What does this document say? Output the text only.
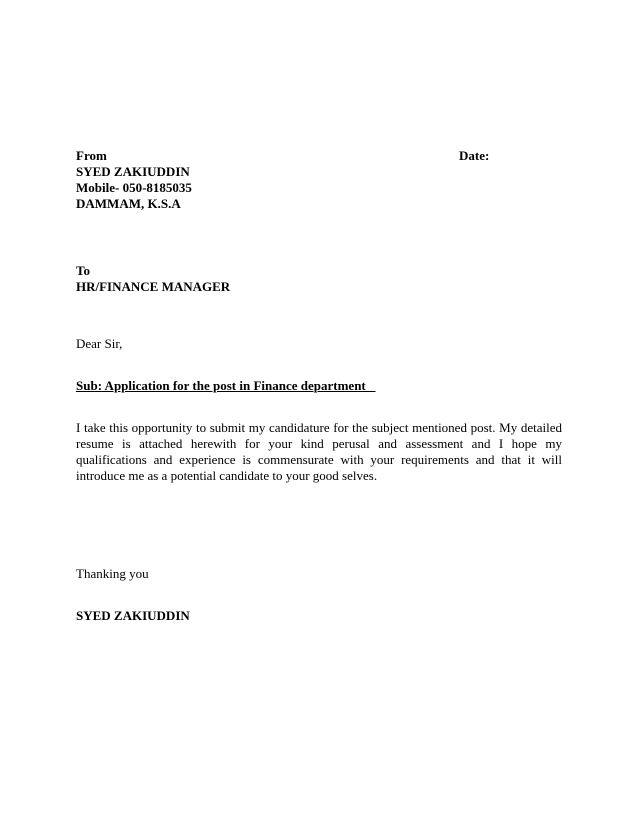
From
SYED ZAKIUDDIN
Mobile- 050-8185035
DAMMAM, K.S.A
Date:
To
HR/FINANCE MANAGER
Dear Sir,
Sub: Application for the post in Finance department
I take this opportunity to submit my candidature for the subject mentioned post. My detailed resume is attached herewith for your kind perusal and assessment and I hope my qualifications and experience is commensurate with your requirements and that it will introduce me as a potential candidate to your good selves.
Thanking you
SYED ZAKIUDDIN
